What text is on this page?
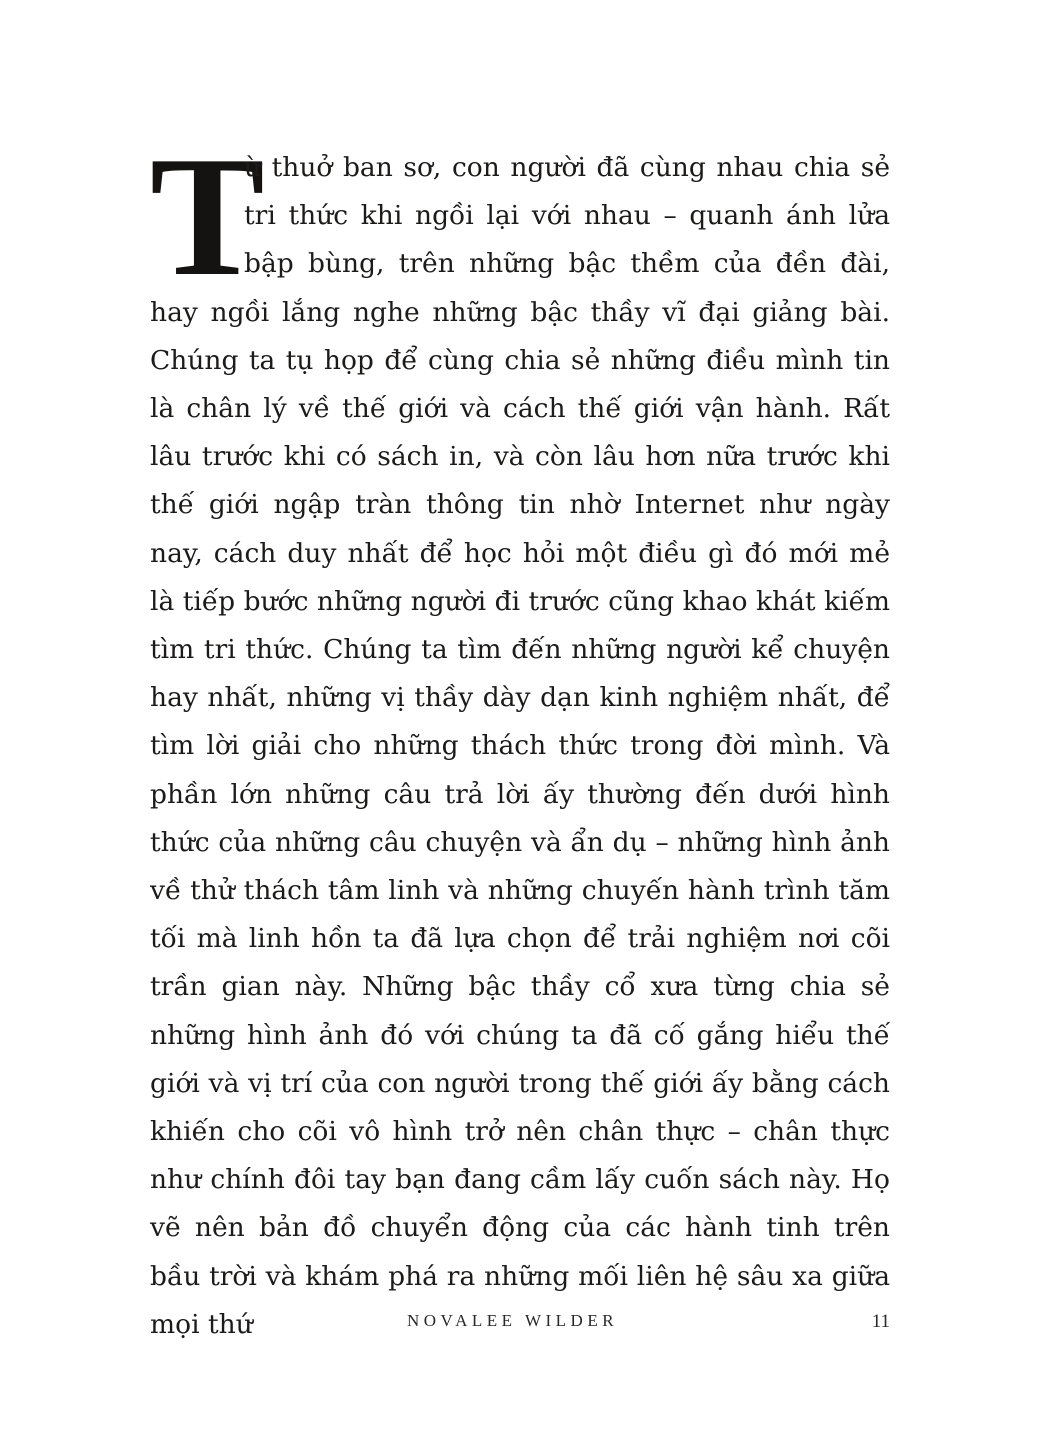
T
ừ thuở ban sơ, con người đã cùng nhau chia sẻ tri thức khi ngồi lại với nhau – quanh ánh lửa bập bùng, trên những bậc thềm của đền đài, hay ngồi lắng nghe những bậc thầy vĩ đại giảng bài. Chúng ta tụ họp để cùng chia sẻ những điều mình tin là chân lý về thế giới và cách thế giới vận hành. Rất lâu trước khi có sách in, và còn lâu hơn nữa trước khi thế giới ngập tràn thông tin nhờ Internet như ngày nay, cách duy nhất để học hỏi một điều gì đó mới mẻ là tiếp bước những người đi trước cũng khao khát kiếm tìm tri thức. Chúng ta tìm đến những người kể chuyện hay nhất, những vị thầy dày dạn kinh nghiệm nhất, để tìm lời giải cho những thách thức trong đời mình. Và phần lớn những câu trả lời ấy thường đến dưới hình thức của những câu chuyện và ẩn dụ – những hình ảnh về thử thách tâm linh và những chuyến hành trình tăm tối mà linh hồn ta đã lựa chọn để trải nghiệm nơi cõi trần gian này. Những bậc thầy cổ xưa từng chia sẻ những hình ảnh đó với chúng ta đã cố gắng hiểu thế giới và vị trí của con người trong thế giới ấy bằng cách khiến cho cõi vô hình trở nên chân thực – chân thực như chính đôi tay bạn đang cầm lấy cuốn sách này. Họ vẽ nên bản đồ chuyển động của các hành tinh trên bầu trời và khám phá ra những mối liên hệ sâu xa giữa mọi thứ	NOVALEE WILDER	11
